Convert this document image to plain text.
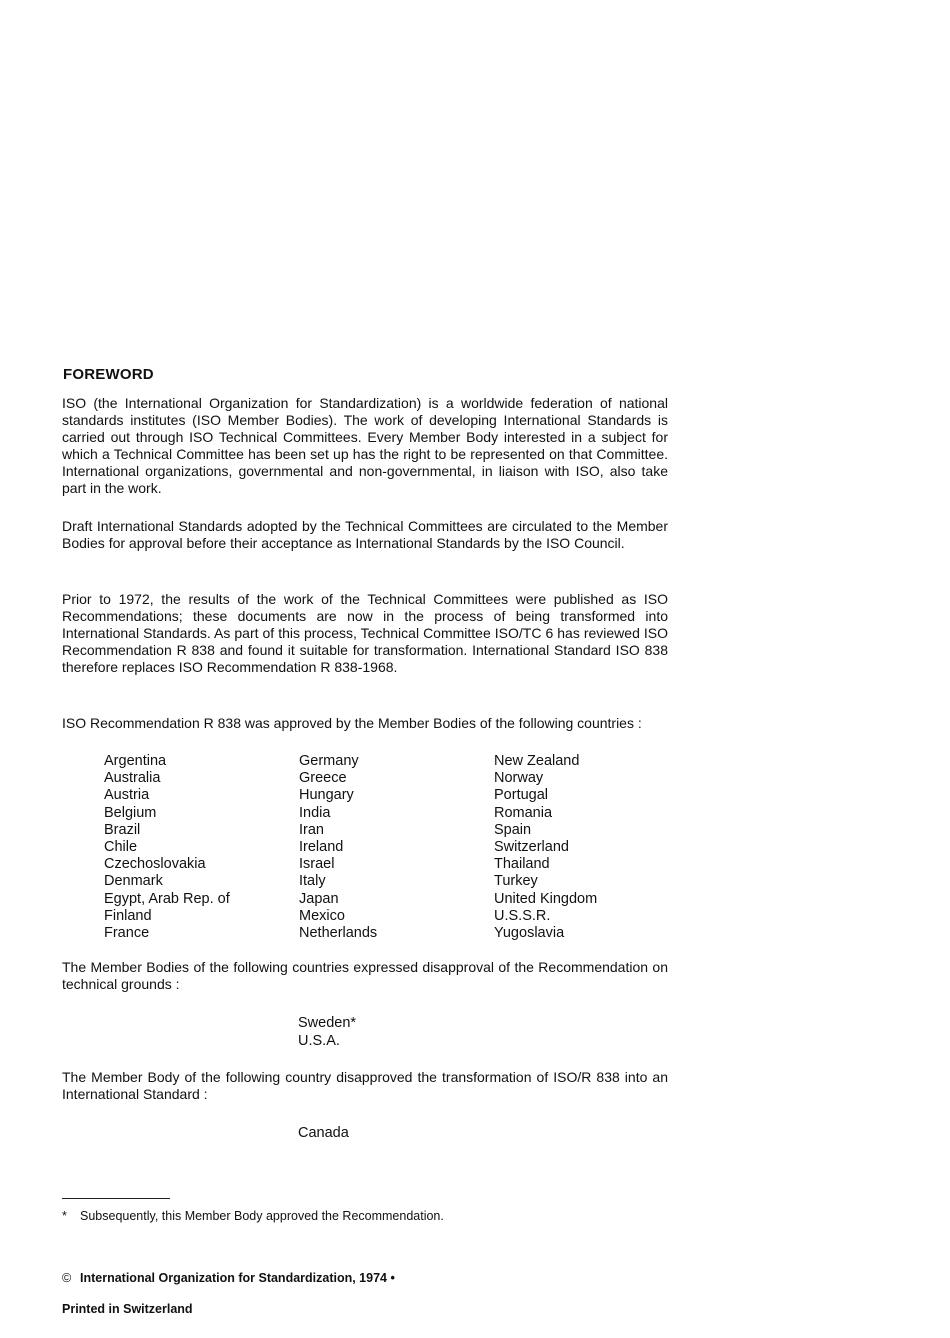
FOREWORD

ISO (the International Organization for Standardization) is a worldwide federation of national standards institutes (ISO Member Bodies). The work of developing International Standards is carried out through ISO Technical Committees. Every Member Body interested in a subject for which a Technical Committee has been set up has the right to be represented on that Committee. International organizations, governmental and non-governmental, in liaison with ISO, also take part in the work.

Draft International Standards adopted by the Technical Committees are circulated to the Member Bodies for approval before their acceptance as International Standards by the ISO Council.

Prior to 1972, the results of the work of the Technical Committees were published as ISO Recommendations; these documents are now in the process of being transformed into International Standards. As part of this process, Technical Committee ISO/TC 6 has reviewed ISO Recommendation R 838 and found it suitable for transformation. International Standard ISO 838 therefore replaces ISO Recommendation R 838-1968.

ISO Recommendation R 838 was approved by the Member Bodies of the following countries :

Argentina
Australia
Austria
Belgium
Brazil
Chile
Czechoslovakia
Denmark
Egypt, Arab Rep. of
Finland
France
Germany
Greece
Hungary
India
Iran
Ireland
Israel
Italy
Japan
Mexico
Netherlands
New Zealand
Norway
Portugal
Romania
Spain
Switzerland
Thailand
Turkey
United Kingdom
U.S.S.R.
Yugoslavia

The Member Bodies of the following countries expressed disapproval of the Recommendation on technical grounds :

Sweden*
U.S.A.

The Member Body of the following country disapproved the transformation of ISO/R 838 into an International Standard :

Canada
* Subsequently, this Member Body approved the Recommendation.
© International Organization for Standardization, 1974 •
Printed in Switzerland
